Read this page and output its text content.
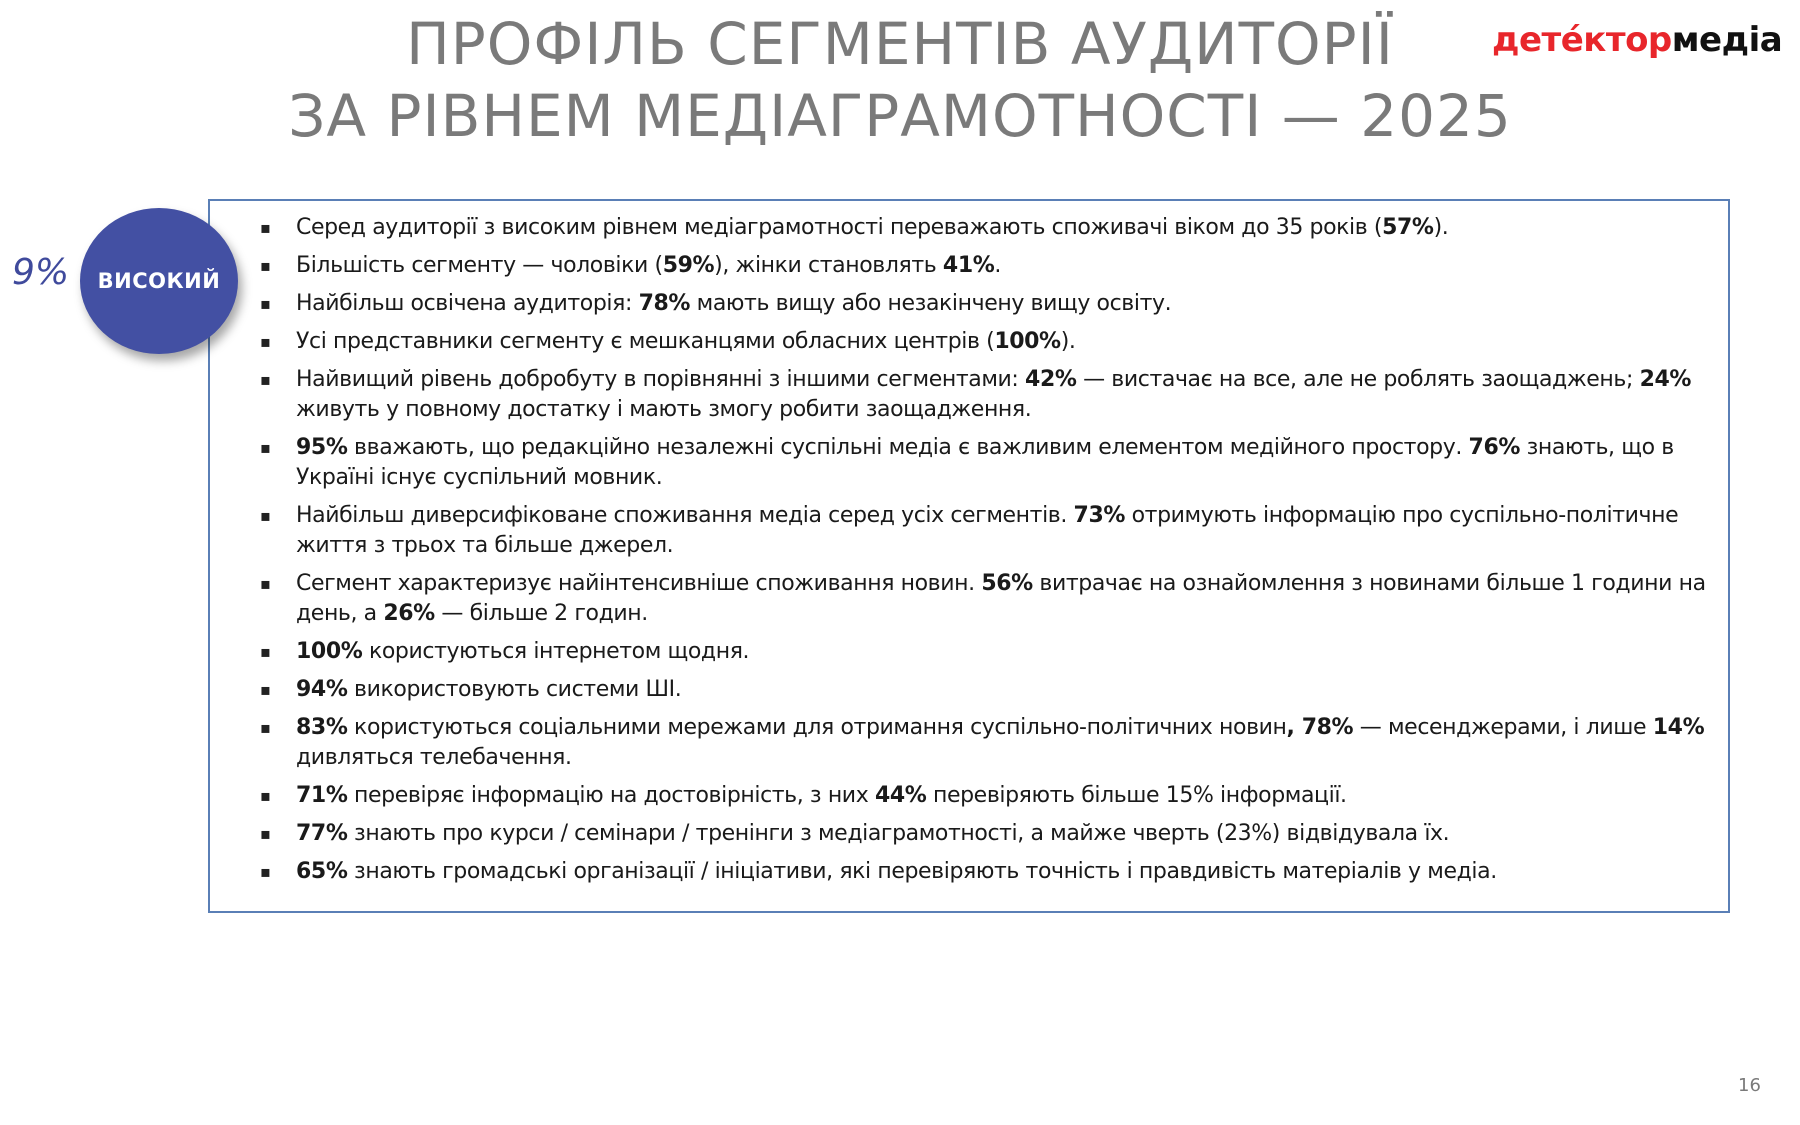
ПРОФІЛЬ СЕГМЕНТІВ АУДИТОРІЇ
ЗА РІВНЕМ МЕДІАГРАМОТНОСТІ — 2025
детéктормедіа
9% ВИСОКИЙ
▪ Серед аудиторії з високим рівнем медіаграмотності переважають споживачі віком до 35 років (57%).
▪ Більшість сегменту — чоловіки (59%), жінки становлять 41%.
▪ Найбільш освічена аудиторія: 78% мають вищу або незакінчену вищу освіту.
▪ Усі представники сегменту є мешканцями обласних центрів (100%).
▪ Найвищий рівень добробуту в порівнянні з іншими сегментами: 42% — вистачає на все, але не роблять заощаджень; 24% живуть у повному достатку і мають змогу робити заощадження.
▪ 95% вважають, що редакційно незалежні суспільні медіа є важливим елементом медійного простору. 76% знають, що в Україні існує суспільний мовник.
▪ Найбільш диверсифіковане споживання медіа серед усіх сегментів. 73% отримують інформацію про суспільно-політичне життя з трьох та більше джерел.
▪ Сегмент характеризує найінтенсивніше споживання новин. 56% витрачає на ознайомлення з новинами більше 1 години на день, а 26% — більше 2 годин.
▪ 100% користуються інтернетом щодня.
▪ 94% використовують системи ШІ.
▪ 83% користуються соціальними мережами для отримання суспільно-політичних новин, 78% — месенджерами, і лише 14% дивляться телебачення.
▪ 71% перевіряє інформацію на достовірність, з них 44% перевіряють більше 15% інформації.
▪ 77% знають про курси / семінари / тренінги з медіаграмотності, а майже чверть (23%) відвідувала їх.
▪ 65% знають громадські організації / ініціативи, які перевіряють точність і правдивість матеріалів у медіа.
16
